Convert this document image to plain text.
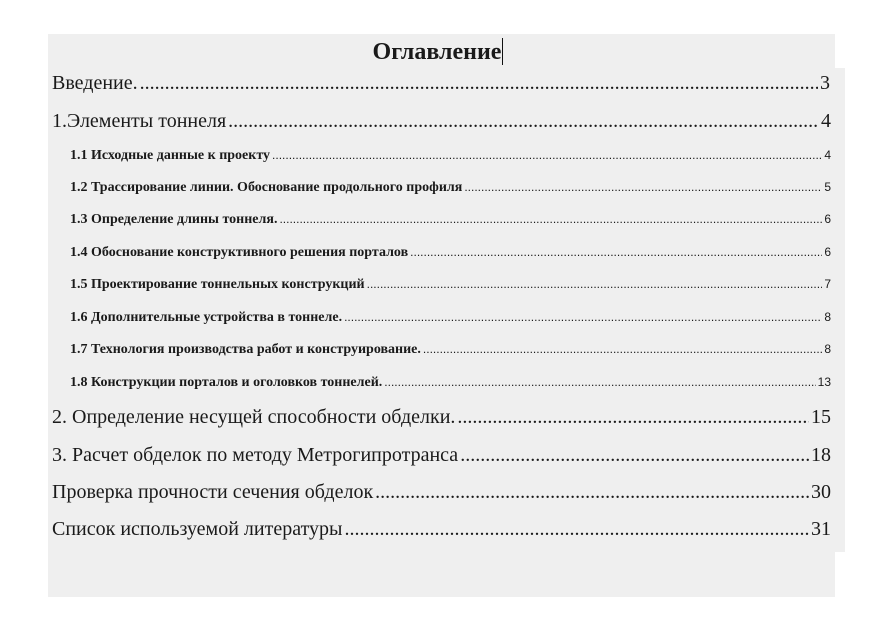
Оглавление
Введение. .....	3
1.Элементы тоннеля .....	4
1.1 Исходные данные к проекту .....	4
1.2 Трассирование линии. Обоснование продольного профиля .....	5
1.3 Определение длины тоннеля. .....	6
1.4 Обоснование конструктивного решения порталов .....	6
1.5 Проектирование тоннельных конструкций .....	7
1.6 Дополнительные устройства в тоннеле. .....	8
1.7 Технология производства работ и конструирование. .....	8
1.8 Конструкции порталов и оголовков тоннелей. .....	13
2. Определение несущей способности обделки. .....	15
3. Расчет обделок по методу Метрогипротранса .....	18
Проверка прочности сечения обделок .....	30
Список используемой литературы .....	31
